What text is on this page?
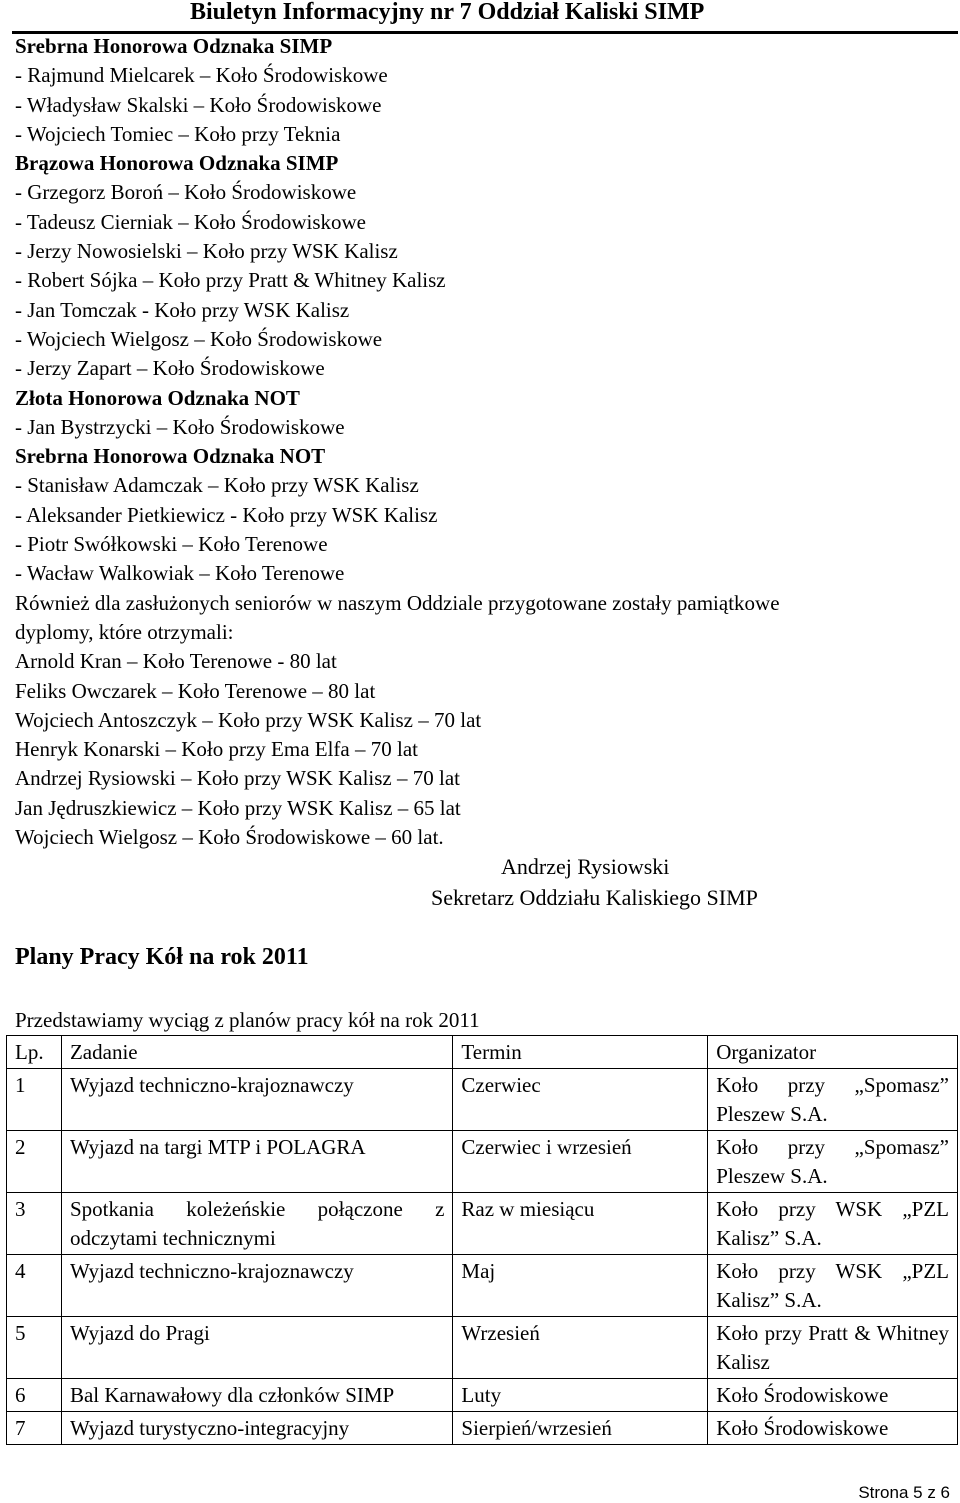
Biuletyn Informacyjny nr 7 Oddział Kaliski SIMP
Srebrna Honorowa Odznaka SIMP
- Rajmund Mielcarek – Koło Środowiskowe
- Władysław Skalski – Koło Środowiskowe
- Wojciech Tomiec – Koło przy Teknia
Brązowa Honorowa Odznaka SIMP
- Grzegorz Boroń – Koło Środowiskowe
- Tadeusz Cierniak – Koło Środowiskowe
- Jerzy Nowosielski – Koło przy WSK Kalisz
- Robert Sójka – Koło przy Pratt & Whitney Kalisz
- Jan Tomczak - Koło przy WSK Kalisz
- Wojciech Wielgosz – Koło Środowiskowe
- Jerzy Zapart – Koło Środowiskowe
Złota Honorowa Odznaka NOT
- Jan Bystrzycki – Koło Środowiskowe
Srebrna Honorowa Odznaka NOT
- Stanisław Adamczak – Koło przy WSK Kalisz
- Aleksander Pietkiewicz - Koło przy WSK Kalisz
- Piotr Swółkowski – Koło Terenowe
- Wacław Walkowiak – Koło Terenowe
Również dla zasłużonych seniorów w naszym Oddziale przygotowane zostały pamiątkowe
dyplomy, które otrzymali:
Arnold Kran – Koło Terenowe - 80 lat
Feliks Owczarek – Koło Terenowe – 80 lat
Wojciech Antoszczyk – Koło przy WSK Kalisz – 70 lat
Henryk Konarski – Koło przy Ema Elfa – 70 lat
Andrzej Rysiowski – Koło przy WSK Kalisz – 70 lat
Jan Jędruszkiewicz – Koło przy WSK Kalisz – 65 lat
Wojciech Wielgosz – Koło Środowiskowe – 60 lat.
Andrzej Rysiowski
Sekretarz Oddziału Kaliskiego SIMP
Plany Pracy Kół na rok 2011
Przedstawiamy wyciąg z planów pracy kół na rok 2011
Lp.	Zadanie	Termin	Organizator
1	Wyjazd techniczno-krajoznawczy	Czerwiec	Koło przy „Spomasz” Pleszew S.A.
2	Wyjazd na targi MTP i POLAGRA	Czerwiec i wrzesień	Koło przy „Spomasz” Pleszew S.A.
3	Spotkania koleżeńskie połączone z odczytami technicznymi	Raz w miesiącu	Koło przy WSK „PZL Kalisz” S.A.
4	Wyjazd techniczno-krajoznawczy	Maj	Koło przy WSK „PZL Kalisz” S.A.
5	Wyjazd do Pragi	Wrzesień	Koło przy Pratt & Whitney Kalisz
6	Bal Karnawałowy dla członków SIMP	Luty	Koło Środowiskowe
7	Wyjazd turystyczno-integracyjny	Sierpień/wrzesień	Koło Środowiskowe
Strona 5 z 6
